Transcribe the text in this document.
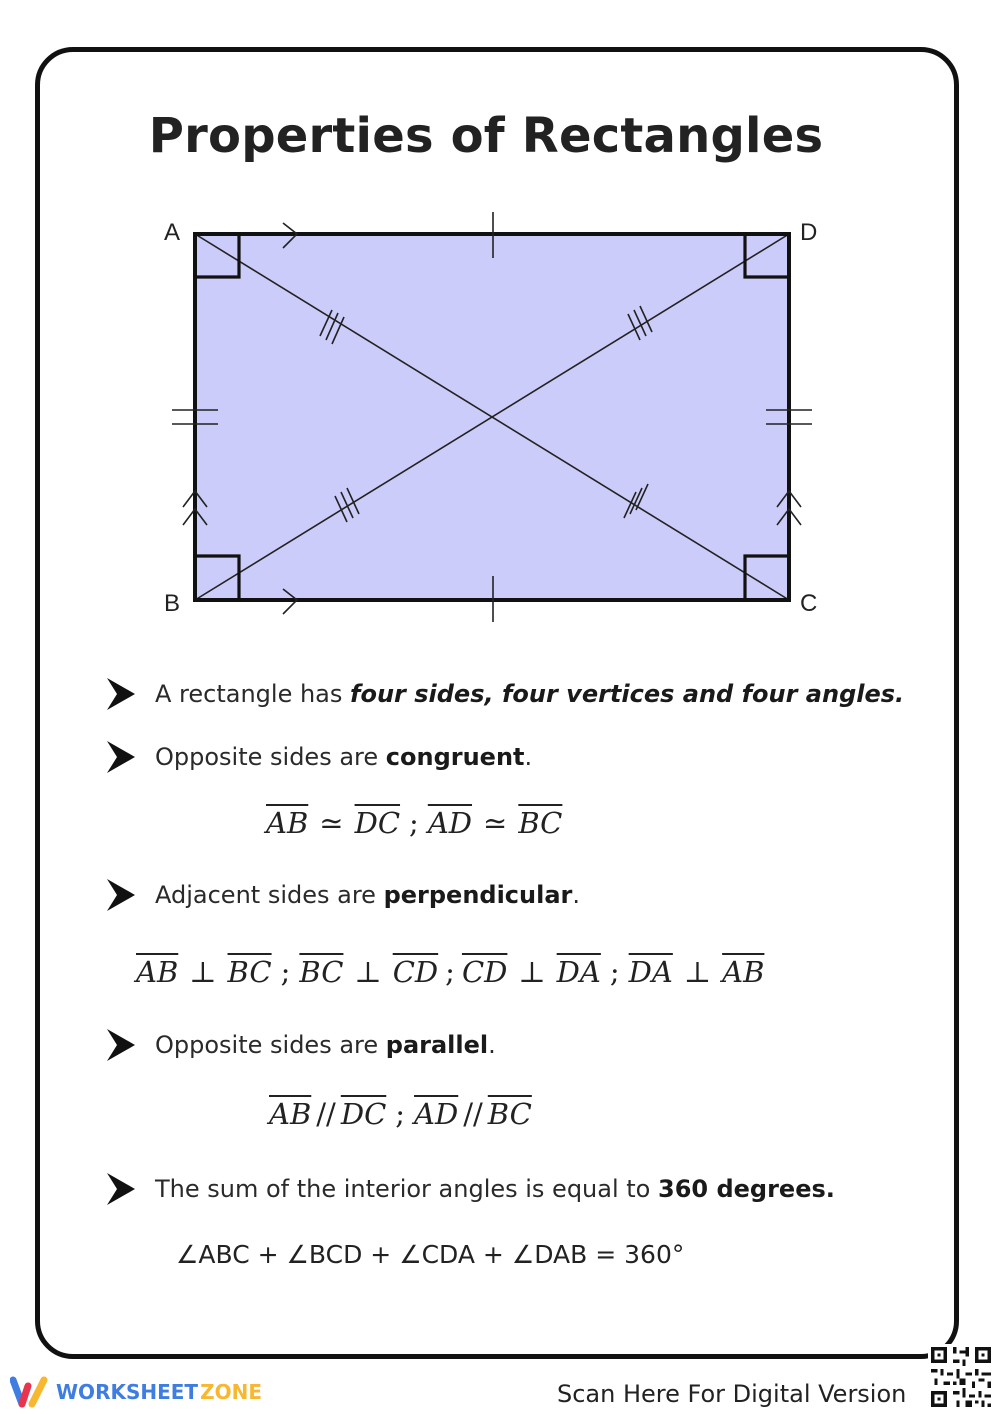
Properties of Rectangles
A	D
B	C
A rectangle has four sides, four vertices and four angles.
Opposite sides are congruent.
$\overline{AB}$ ≃ $\overline{DC}$ ; $\overline{AD}$ ≃ $\overline{BC}$
Adjacent sides are perpendicular.
$\overline{AB}$ ⊥ $\overline{BC}$ ; $\overline{BC}$ ⊥ $\overline{CD}$ ; $\overline{CD}$ ⊥ $\overline{DA}$ ; $\overline{DA}$ ⊥ $\overline{AB}$
Opposite sides are parallel.
$\overline{AB} // \overline{DC}$ ; $\overline{AD} // \overline{BC}$
The sum of the interior angles is equal to 360 degrees.
∠ABC + ∠BCD + ∠CDA + ∠DAB = 360°
WORKSHEET ZONE	Scan Here For Digital Version
